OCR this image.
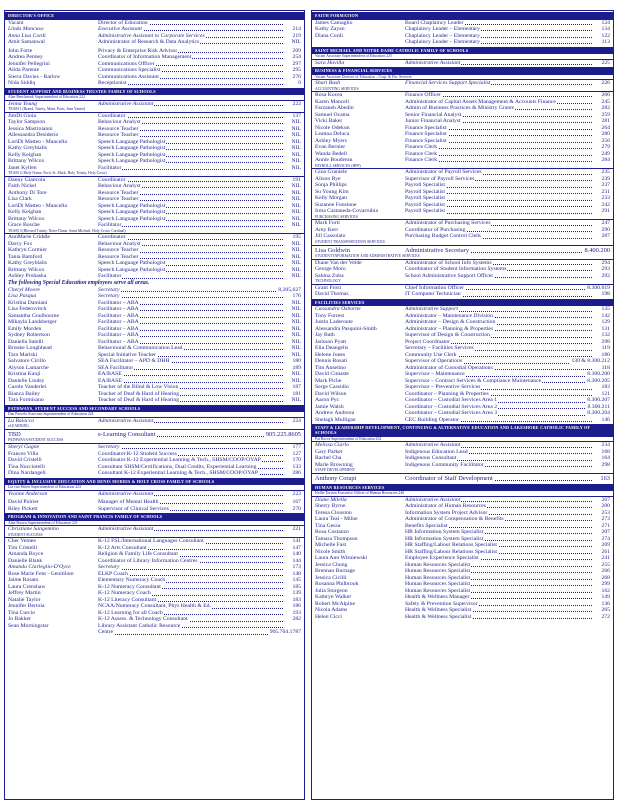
DIRECTOR'S OFFICE
Vacant	Director of Education
Linda Mancuso	Executive Assistant	214
Anna Lisa Cordi	Administrative Assistant to Corporate Services	219
Amit Samanwal	Administrator of Research & Data Analytics	NIL
John Forte	Privacy & Enterprise Risk Advisor	209
Andrea Penney	Coordinator of Information Management	254
Jennifer Pellegrini	Communications Officer	297
Alida Parente	Communications Specialist	295
Sierra Davies - Barlow	Communications Assistant	276
Nida Siddiq	Receptionist	0
STUDENT SUPPORT AND BUSINESS TRUSTEE FAMILY OF SCHOOLS
Alan Benchmark Superintendent of Education 222
Jenna Young	Administrative Assistant	222
TEAM 1 (Brand, Trinity, Main, Paris, Jean Vanier)
JimDi Gioia	Coordinator	137
Taylor Sampson	Behaviour Analyst	NIL
Jessica Mastroianni	Resource Teacher	NIL
Allessandra Desiderio	Resource Teacher	NIL
LoriDi Matteo - Mancella	Speech Language Pathologist	NIL
Kathy Greybialis	Speech Language Pathologist	NIL
Kelly Keighan	Speech Language Pathologist	NIL
Brittany Wilcox	Speech Language Pathologist	NIL
Janet Kyllen	Facilitator	NIL
TEAM 2 (Holy Name, Ford, St. Mark, Holy Trinity, Holy Cross)
Danny Giancola	Coordinator	191
Faith Nickel	Behaviour Analyst	NIL
Anthony Di Tore	Resource Teacher	NIL
Lisa Clark	Resource Teacher	NIL
LoriDi Matteo - Mancella	Speech Language Pathologist	NIL
Kelly Keighan	Speech Language Pathologist	NIL
Brittany Wilcox	Speech Language Pathologist	NIL
Grace Bosche	Facilitator	NIL
TEAM 3 (Blessed Trinity, Notre Dame, Saint Michael, Holy Cross, Cardinal)
AnnMarie Criddle	Coordinator	195
Darcy Fox	Behaviour Analyst	NIL
Kathryn Cormier	Resource Teacher	NIL
Tania Bamford	Resource Teacher	NIL
Kathy Greybialis	Speech Language Pathologist	NIL
Brittany Wilcox	Speech Language Pathologist	NIL
Ashley Prohaska	Facilitator	NIL
The following Special Education employees serve all areas.
Cheryl Moore	Secretary	8,205,627
Lisa Pasqua	Secretary	176
Kristina Damiani	Facilitator – ABA	NIL
Lisa Federovitch	Facilitator – ABA	NIL
Samantha Goulbourne	Facilitator – ABA	NIL
Mikayla Landsberger	Facilitator – ABA	NIL
Emily Morden	Facilitator – ABA	NIL
Sydney Robertson	Facilitator – ABA	NIL
Daniella Satelli	Facilitator – ABA	NIL
Brooke Loughhead	Behavioural & Communication Lead	NIL
Tara Mariski	Special Initiative Teacher	NIL
Salvatore Cirillo	SEA Facilitator – APD & DHH	180
Alyson Lamarche	SEA Facilitator	189
Kristina Kanji	EA/BASE	NIL
Danielle Lindsy	EA/BASE	NIL
Carole Vanderlei	Teacher of the Blind & Low Vision	187
Bianca Bailey	Teacher of Deaf & Hard of Hearing	181
Tara Formisano	Teacher of Deaf & Hard of Hearing	NIL
PATHWAYS, STUDENT SUCCESS AND SECONDARY SCHOOLS
Dan Parvelo Associate Superintendent of Education 224
Lu Baiocco	Administrative Assistant	224
eLEARNING
TBD	e-Learning Consultant	905.225.8605
PATHWAYS/STUDENT SUCCESS
Sheryl Gagne	Secretary	177
Frances Villa	Coordinator K-12 Student Success	127
David Cristelli	Coordinator K-12 Experiential Learning & Tech., SHSM/COOP/OYAP	170
Tina Nucciotelli	Consultant SHSM/Certifications, Dual Credits, Experiential Learning	133
Dina Nardangeli	Consultant K-12 Experiential Learning & Tech., SHSM/COOP/OYAP	286
EQUITY & INCLUSIVE EDUCATION AND DENIS MORRIS & HOLY CROSS FAMILY OF SCHOOLS
Lia van Patten Superintendent of Education 223
Yvonne Anderson	Administrative Assistant	223
David Poirier	Manager of Mental Health	167
Riley Pickett	Supervisor of Clinical Services	270
PROGRAM & INNOVATION AND SAINT FRANCIS FAMILY OF SCHOOLS
Alan Brown Superintendent of Education 221
Christiane Sangemino	Administrative Assistant	221
STUDENT SUCCESS
Cher Vemee	K-12 FSL/International Languages Consultant	141
Tim Cristelli	K-12 Arts Consultant	147
Amanda Boyce	Religion & Family Life Consultant	140
Danielle Blank	Coordinator of Library Information Centres	144
Amanda Ciarleglio-D'Oyce	Secretary	173
Rose Marie Fent - Genitilore	ELKP Coach	148
Jaime Rosato	Elementary Numeracy Coach	145
Laura Crenshaw	K-12 Numeracy Consultant	185
Jeffrey Martin	K-12 Numeracy Coach	139
Natalie Taylor	K-12 Literacy Consultant	183
Jennifer Bertoia	NCAA/Numeracy Consultant, Phys Health & Ed.	186
Tina Curcio	K-12 Learning for all Coach	193
Jo Bakker	K-12 Assess. & Technology Consultant	282
Sean Morningstar	Library Assistant Catholic Resource
Centre	905.704.1787
FAITH FORMATION
James Camaglio	Board Chaplaincy Leader	124
Kathy Zayan	Chaplaincy Leader – Elementary	134
Diana Cordi	Chaplaincy Leader – Elementary	122
Chaplaincy Leader – Elementary	113
SAINT MICHAEL AND NOTRE DAME CATHOLIC FAMILY OF SCHOOLS
Vacant Associate Superintendent of Education 225
Sara Havilla	Administrative Assistant	225
BUSINESS & FINANCIAL SERVICES
Vacant Associate Director of Education – Corp. & Fin. Services
Shari Bush	Financial Services Support Specialist	226
ACCOUNTING SERVICES
Rosa Kocea	Finance Officer	266
Karen Mancell	Administrator of Capital Assets Management & Accounts Finance	245
Farzaneh Abedin	Admin of Business Practices & Ministry Grants	282
Samuel Ocama	Senior Financial Analyst	259
Vicki Baker	Junior Financial Analyst	281
Nicole Odekon	Finance Specialist	264
Leanna Deluca	Finance Specialist	280
Ashley Myers	Finance Specialist	256
Evan Bernier	Finance Clerk	279
Wanda Bedell	Finance Clerk	249
Annie Boudreau	Finance Clerk	284
PAYROLL SERVICES (HPF)
Gina Graniele	Administrator of Payroll Services	235
Alison Rye	Supervisor of Payroll Services	239
Sonja Phillips	Payroll Specialist	237
Su Young Kim	Payroll Specialist	231
Kelly Morgan	Payroll Specialist	233
Suzanne Funstone	Payroll Specialist	242
Irma Castaneda-Covarrubia	Payroll Specialist	291
PURCHASING SERVICES
Mark Forti	Administrator of Purchasing Services	247
Amy Kerr	Coordinator of Purchasing	290
Jill Cassolato	Purchasing Budget Control Clerk	287
STUDENT TRANSPORTATION SERVICES
Lisa Goldwin	Administrative Secretary	8.400.200
STUDENT INFORMATION AND ADMINISTRATIVE SERVICES
Diane Van der Velde	Administrator of School Info Systems	294
George Moro	Coordinator of Student Information Systems	293
Sabina Zuba	School Administrative Support Officer	292
TECHNOLOGY
Grant Frost	Chief Information Officer	8.300.619
David Thomas	IT Computer Technician	198
FACILITIES SERVICES
Cassandra Osborne	Administrative Support	135
Tony Forrest	Administrator – Maintenance Division	142
Justin Laderoute	Administrator – Design & Construction	129
Alessandra Pasquini-Smith	Administrator – Planning & Properties	131
Jay Bath	Supervisor of Design & Construction	132
Jackson Pyatt	Project Coordinator	298
Elia Deangelis	Secretary – Facilities Services	119
Helene Jones	Community Use Clerk	180
Dennis Rosati	Supervisor of Operations	130 & 8.300.212
Tim Anselmo	Administrator of Custodial Operations	118
David Cimaste	Supervisor – Maintenance	8.300.200
Mark Piche	Supervisor – Contract Services & Compliance Maintenance	8.300.205
Serge Cassidio	Supervisor – Preventive Services	183
David Wilson	Coordinator – Planning & Properties	121
Aaron Pyc	Coordinator – Custodial Services Area 1	8.300.207
Jamie Walsh	Coordinator – Custodial Services Area 2	8.300.211
Andrew Andreou	Coordinator – Custodial Services Area 3	8.300.204
Shelagh Mulligan	CEC Building Operator	146
STAFF & LEADERSHIP DEVELOPMENT, CONTINUING & ALTERNATIVE EDUCATION AND LAKESHORE CATHOLIC FAMILY OF SCHOOLS
Pat Rocca Superintendent of Education 234
Melissa Ciarlo	Administrative Assistant	234
Gary Parker	Indigenous Education Lead	168
Rachel Cha	Indigenous Consultant	164
Marie Browning	Indigenous Community Facilitator	298
STAFF DEVELOPMENT
Anthony Corapi	Coordinator of Staff Development	163
HUMAN RESOURCES SERVICES
Hollie Torsten Executive Officer of Human Resources 246
Diane Milella	Administrative Assistant	267
Sherry Byrne	Administrator of Human Resources	200
Teresa Clouston	Information System Project Advisor	253
Laura Teal - Milne	Administrator of Compensation & Benefits	273
Tina Gessa	Benefits Specialist	271
Rosa Costanzo	HR Information System Specialist	207
Tamara Thompson	HR Information System Specialist	274
Michelle Fast	HR Staffing/Labour Relations Specialist	269
Nicole Smith	HR Staffing/Labour Relations Specialist	261
Laura Ann Wisniewski	Employee Experience Specialist	241
Jessica Chung	Human Resources Specialist	255
Brennan Burnage	Human Resources Specialist	266
Jessica Cicilli	Human Resources Specialist	268
Rosanna Philbrook	Human Resources Specialist	299
Julia Sturgeon	Human Resources Specialist	162
Kathryn Walker	Health & Wellness Manager	149
Robert McAlpine	Safety & Prevention Supervisor	136
Nicola Adams	Health & Wellness Specialist	265
Helen Cicci	Health & Wellness Specialist	272
